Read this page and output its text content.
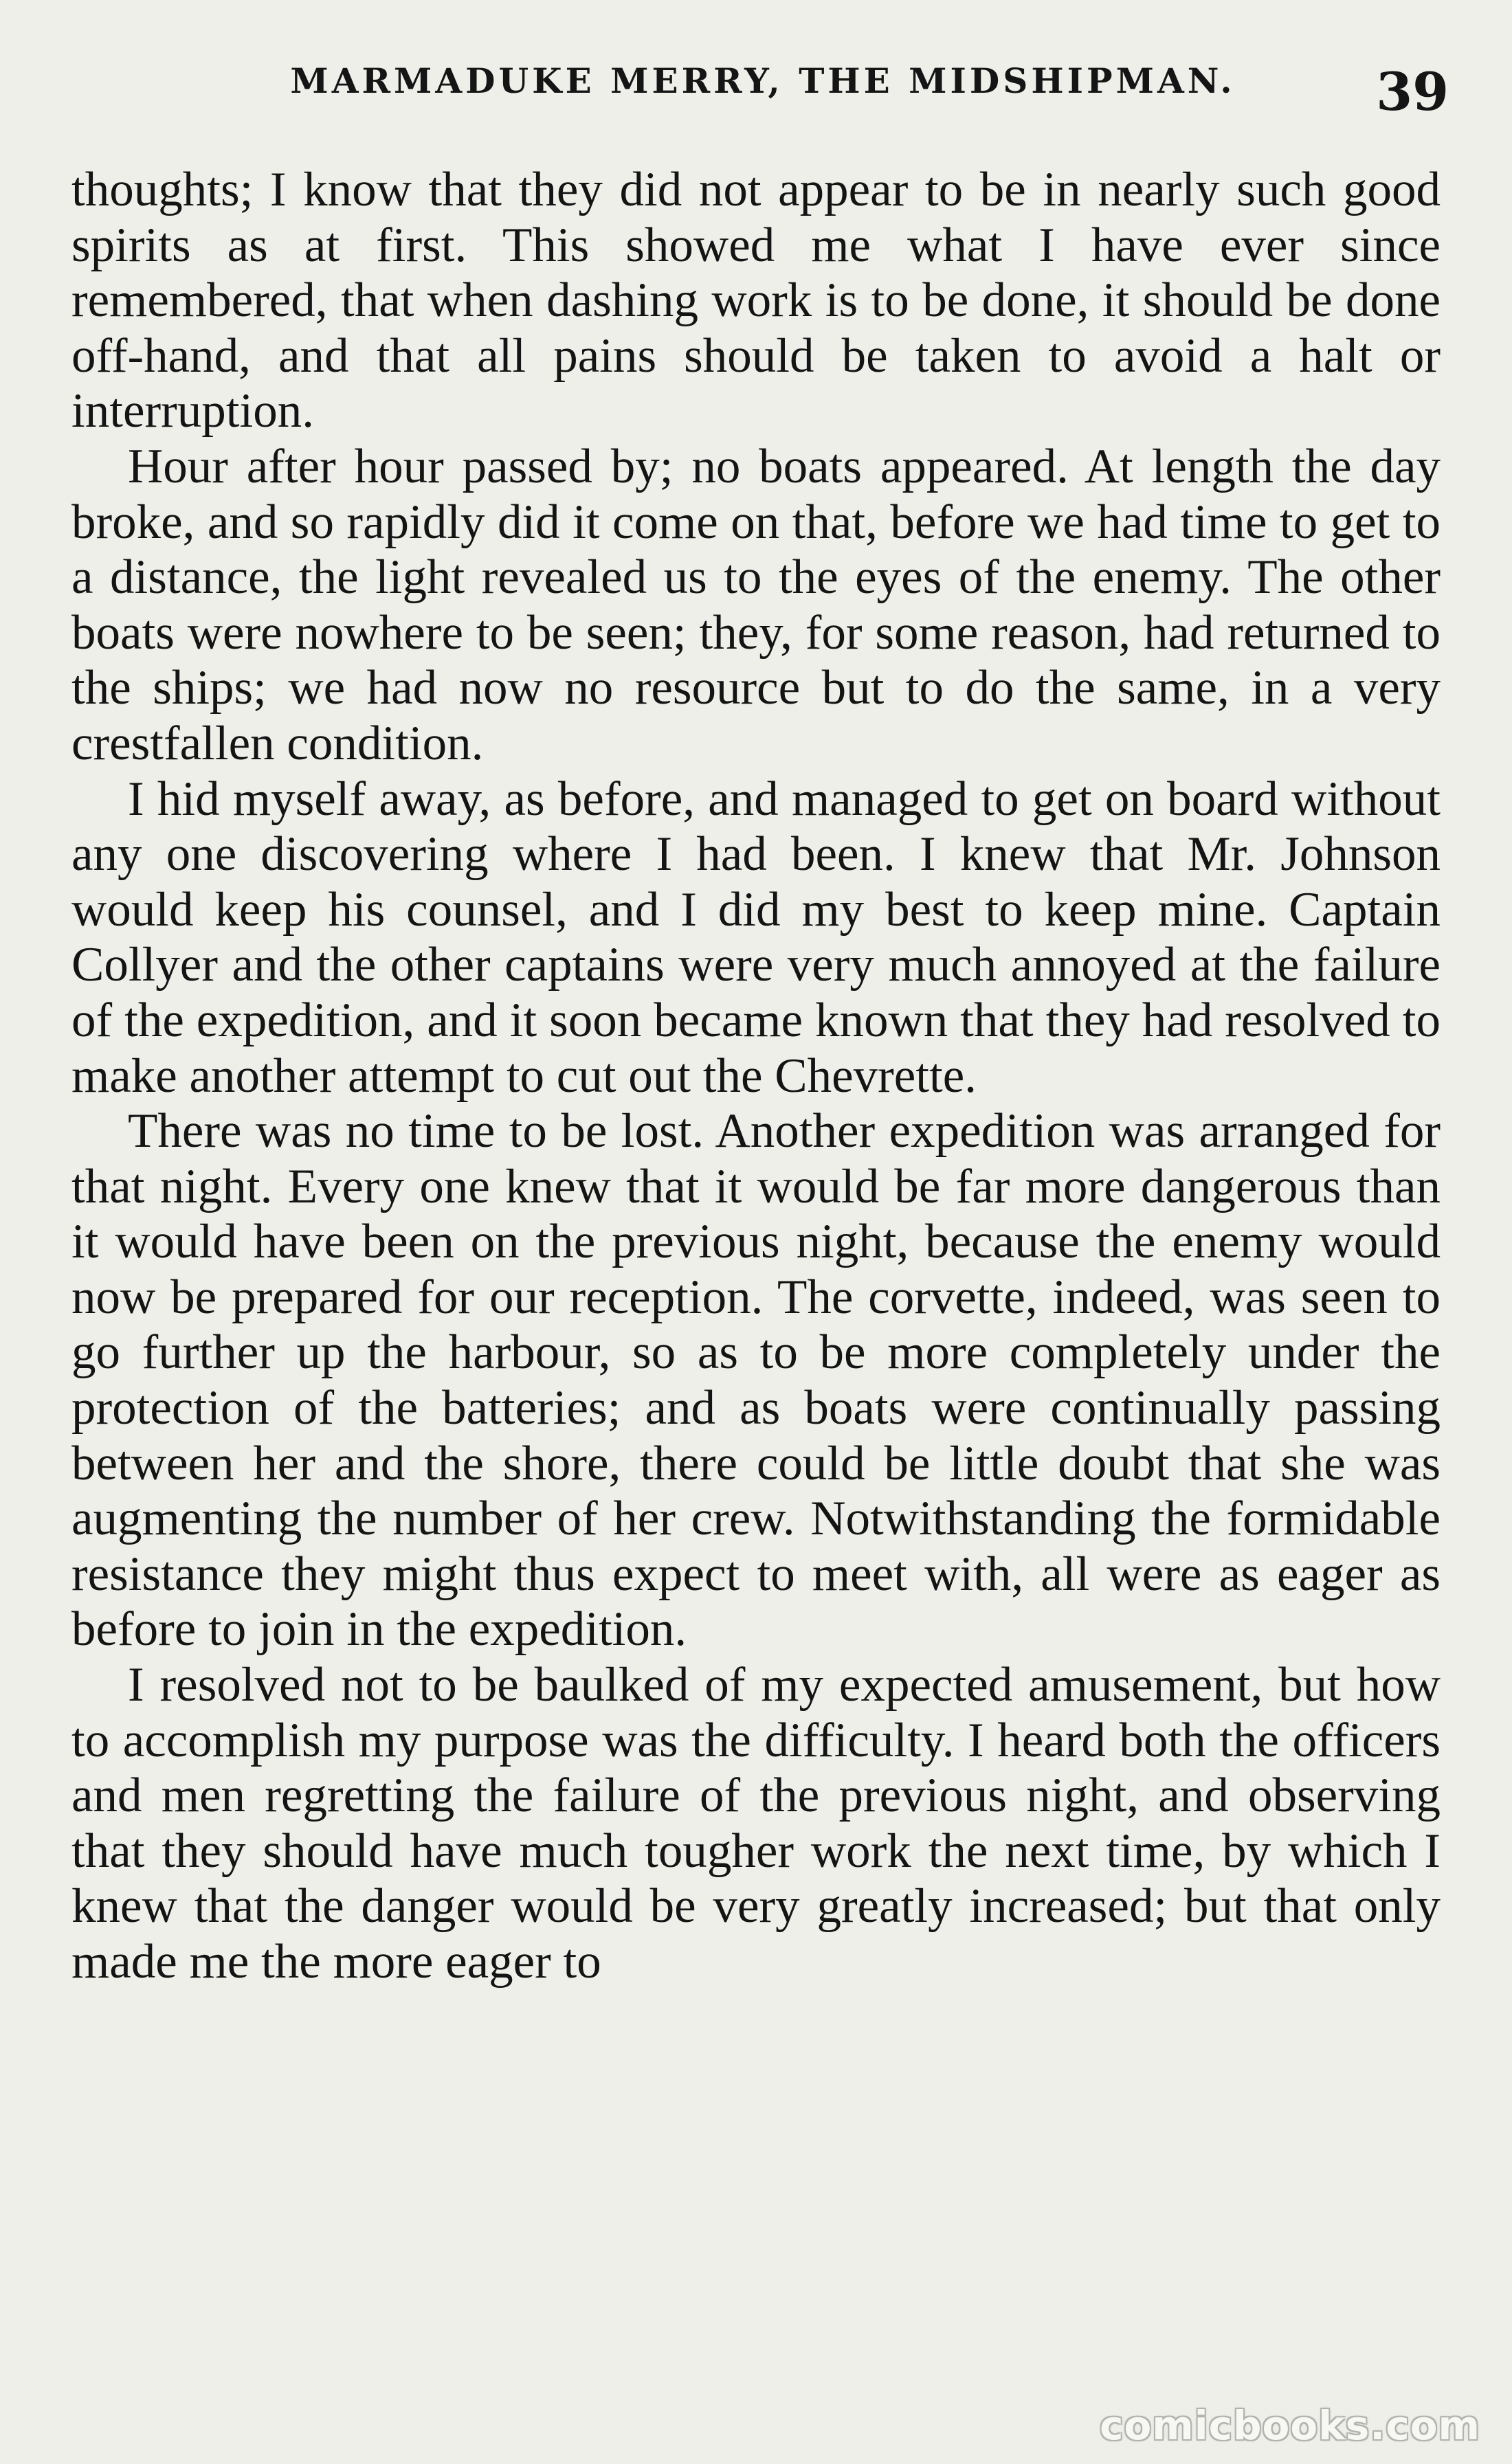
MARMADUKE MERRY, THE MIDSHIPMAN.	39

thoughts; I know that they did not appear to be in nearly such good spirits as at first. This showed me what I have ever since remembered, that when dashing work is to be done, it should be done off-hand, and that all pains should be taken to avoid a halt or interruption.

Hour after hour passed by; no boats appeared. At length the day broke, and so rapidly did it come on that, before we had time to get to a distance, the light revealed us to the eyes of the enemy. The other boats were nowhere to be seen; they, for some reason, had returned to the ships; we had now no resource but to do the same, in a very crestfallen condition.

I hid myself away, as before, and managed to get on board without any one discovering where I had been. I knew that Mr. Johnson would keep his counsel, and I did my best to keep mine. Captain Collyer and the other captains were very much annoyed at the failure of the expedition, and it soon became known that they had resolved to make another attempt to cut out the Chevrette.

There was no time to be lost. Another expedition was arranged for that night. Every one knew that it would be far more dangerous than it would have been on the previous night, because the enemy would now be prepared for our reception. The corvette, indeed, was seen to go further up the harbour, so as to be more completely under the protection of the batteries; and as boats were continually passing between her and the shore, there could be little doubt that she was augmenting the number of her crew. Notwithstanding the formidable resistance they might thus expect to meet with, all were as eager as before to join in the expedition.

I resolved not to be baulked of my expected amusement, but how to accomplish my purpose was the difficulty. I heard both the officers and men regretting the failure of the previous night, and observing that they should have much tougher work the next time, by which I knew that the danger would be very greatly increased; but that only made me the more eager to

comicbooks.com
